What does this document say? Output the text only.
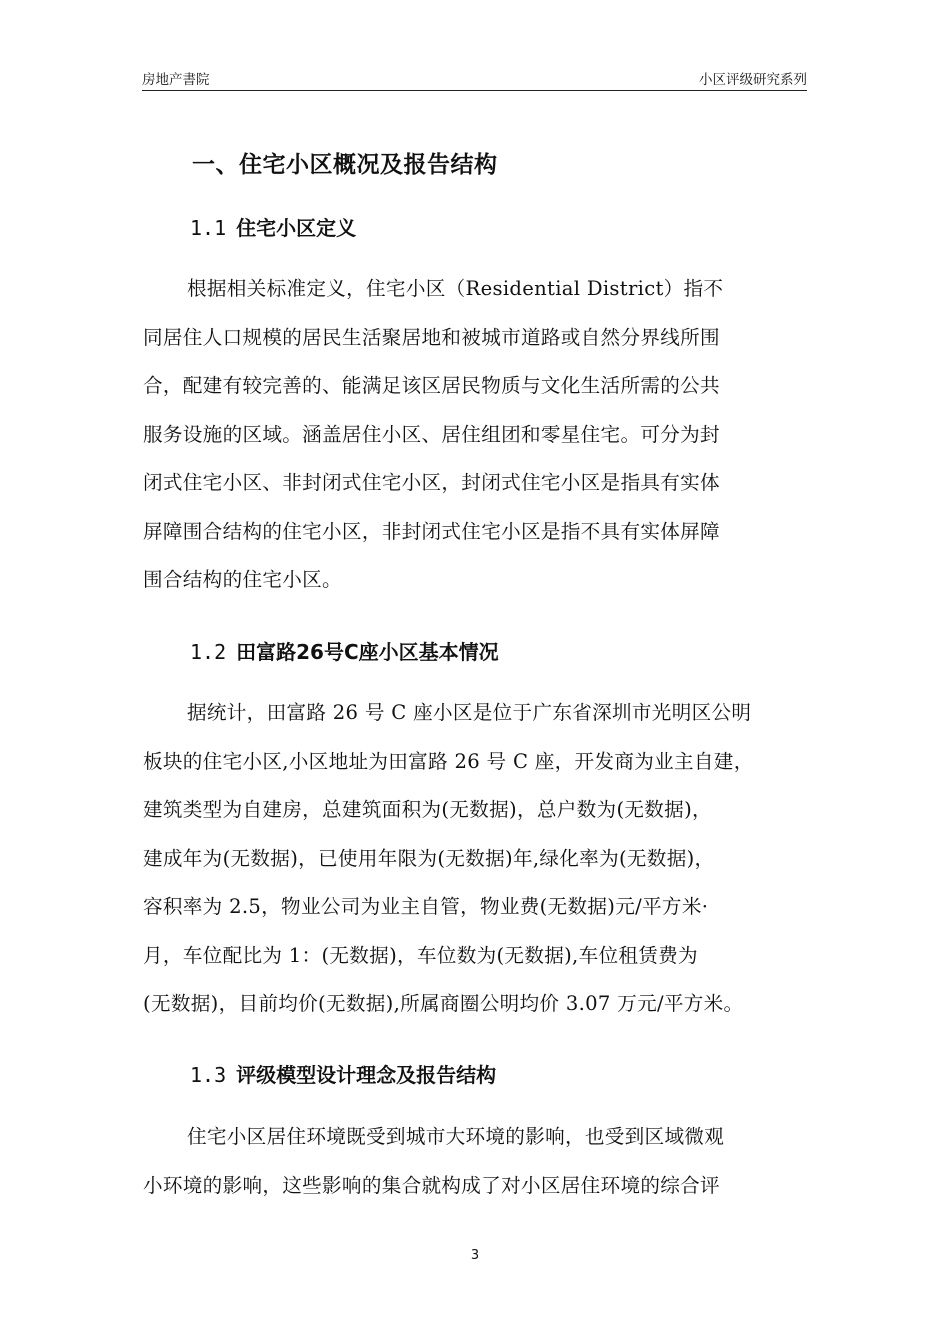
房地产書院	小区评级研究系列
一、住宅小区概况及报告结构
1.1 住宅小区定义
根据相关标准定义，住宅小区（Residential District）指不
同居住人口规模的居民生活聚居地和被城市道路或自然分界线所围
合，配建有较完善的、能满足该区居民物质与文化生活所需的公共
服务设施的区域。涵盖居住小区、居住组团和零星住宅。可分为封
闭式住宅小区、非封闭式住宅小区，封闭式住宅小区是指具有实体
屏障围合结构的住宅小区，非封闭式住宅小区是指不具有实体屏障
围合结构的住宅小区。
1.2 田富路26号C座小区基本情况
据统计，田富路 26 号 C 座小区是位于广东省深圳市光明区公明
板块的住宅小区,小区地址为田富路 26 号 C 座，开发商为业主自建，
建筑类型为自建房，总建筑面积为(无数据)，总户数为(无数据)，
建成年为(无数据)，已使用年限为(无数据)年,绿化率为(无数据)，
容积率为 2.5，物业公司为业主自管，物业费(无数据)元/平方米·
月，车位配比为 1：(无数据)，车位数为(无数据),车位租赁费为
(无数据)，目前均价(无数据),所属商圈公明均价 3.07 万元/平方米。
1.3 评级模型设计理念及报告结构
住宅小区居住环境既受到城市大环境的影响，也受到区域微观
小环境的影响，这些影响的集合就构成了对小区居住环境的综合评
3
